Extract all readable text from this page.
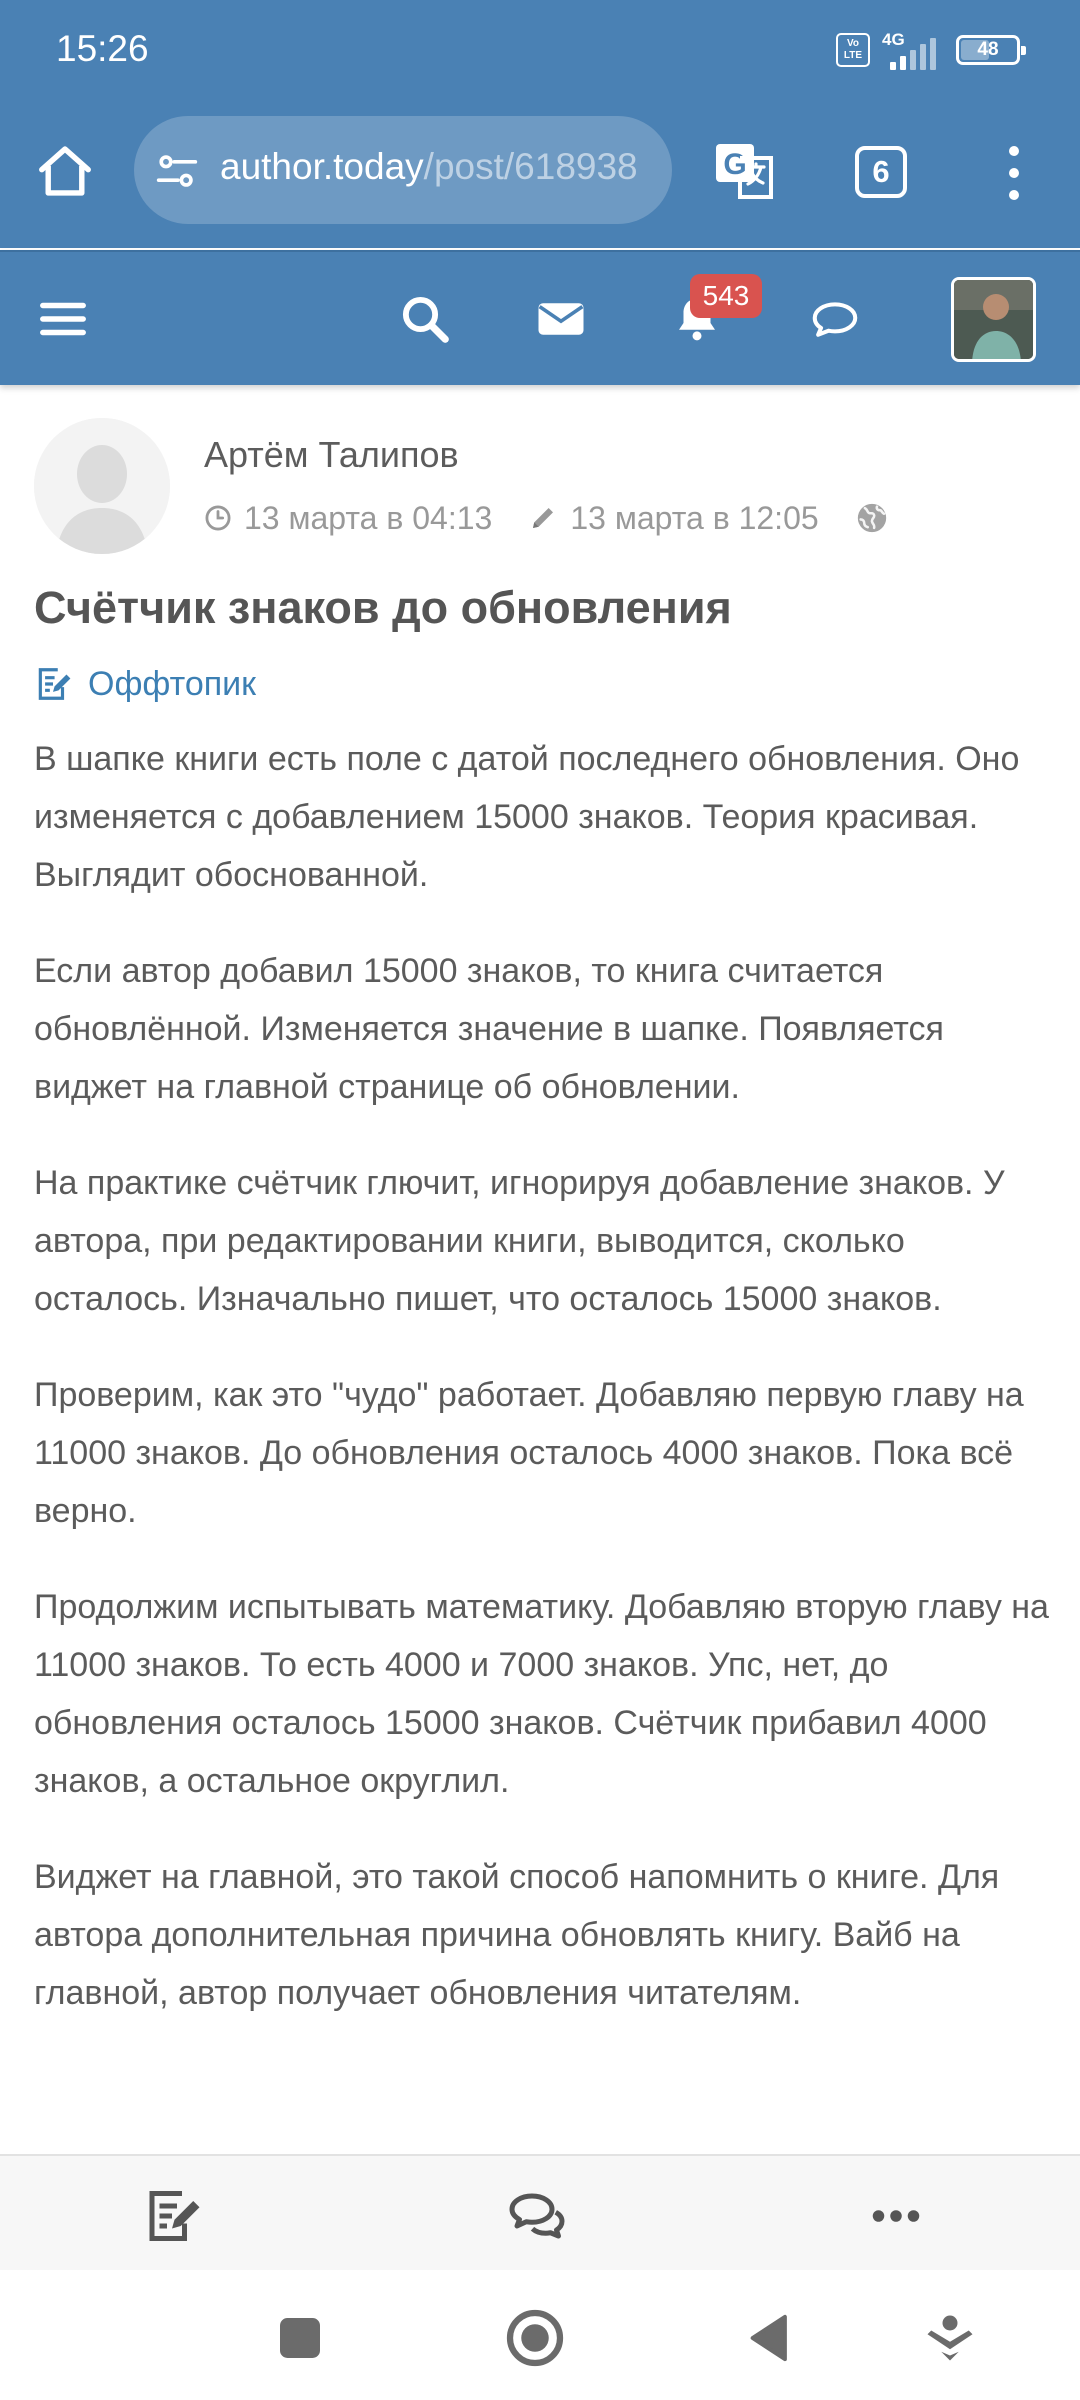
15:26	Vo LTE
4G	48
author.today/post/618938	G	6
543
Артём Талипов
13 марта в 04:13 13 марта в 12:05
Счётчик знаков до обновления
Оффтопик

В шапке книги есть поле с датой последнего обновления. Оно изменяется с добавлением 15000 знаков. Теория красивая. Выглядит обоснованной.

Если автор добавил 15000 знаков, то книга считается обновлённой. Изменяется значение в шапке. Появляется виджет на главной странице об обновлении.

На практике счётчик глючит, игнорируя добавление знаков. У автора, при редактировании книги, выводится, сколько осталось. Изначально пишет, что осталось 15000 знаков.

Проверим, как это "чудо" работает. Добавляю первую главу на 11000 знаков. До обновления осталось 4000 знаков. Пока всё верно.

Продолжим испытывать математику. Добавляю вторую главу на 11000 знаков. То есть 4000 и 7000 знаков. Упс, нет, до обновления осталось 15000 знаков. Счётчик прибавил 4000 знаков, а остальное округлил.

Виджет на главной, это такой способ напомнить о книге. Для автора дополнительная причина обновлять книгу. Вайб на главной, автор получает обновления читателям.
